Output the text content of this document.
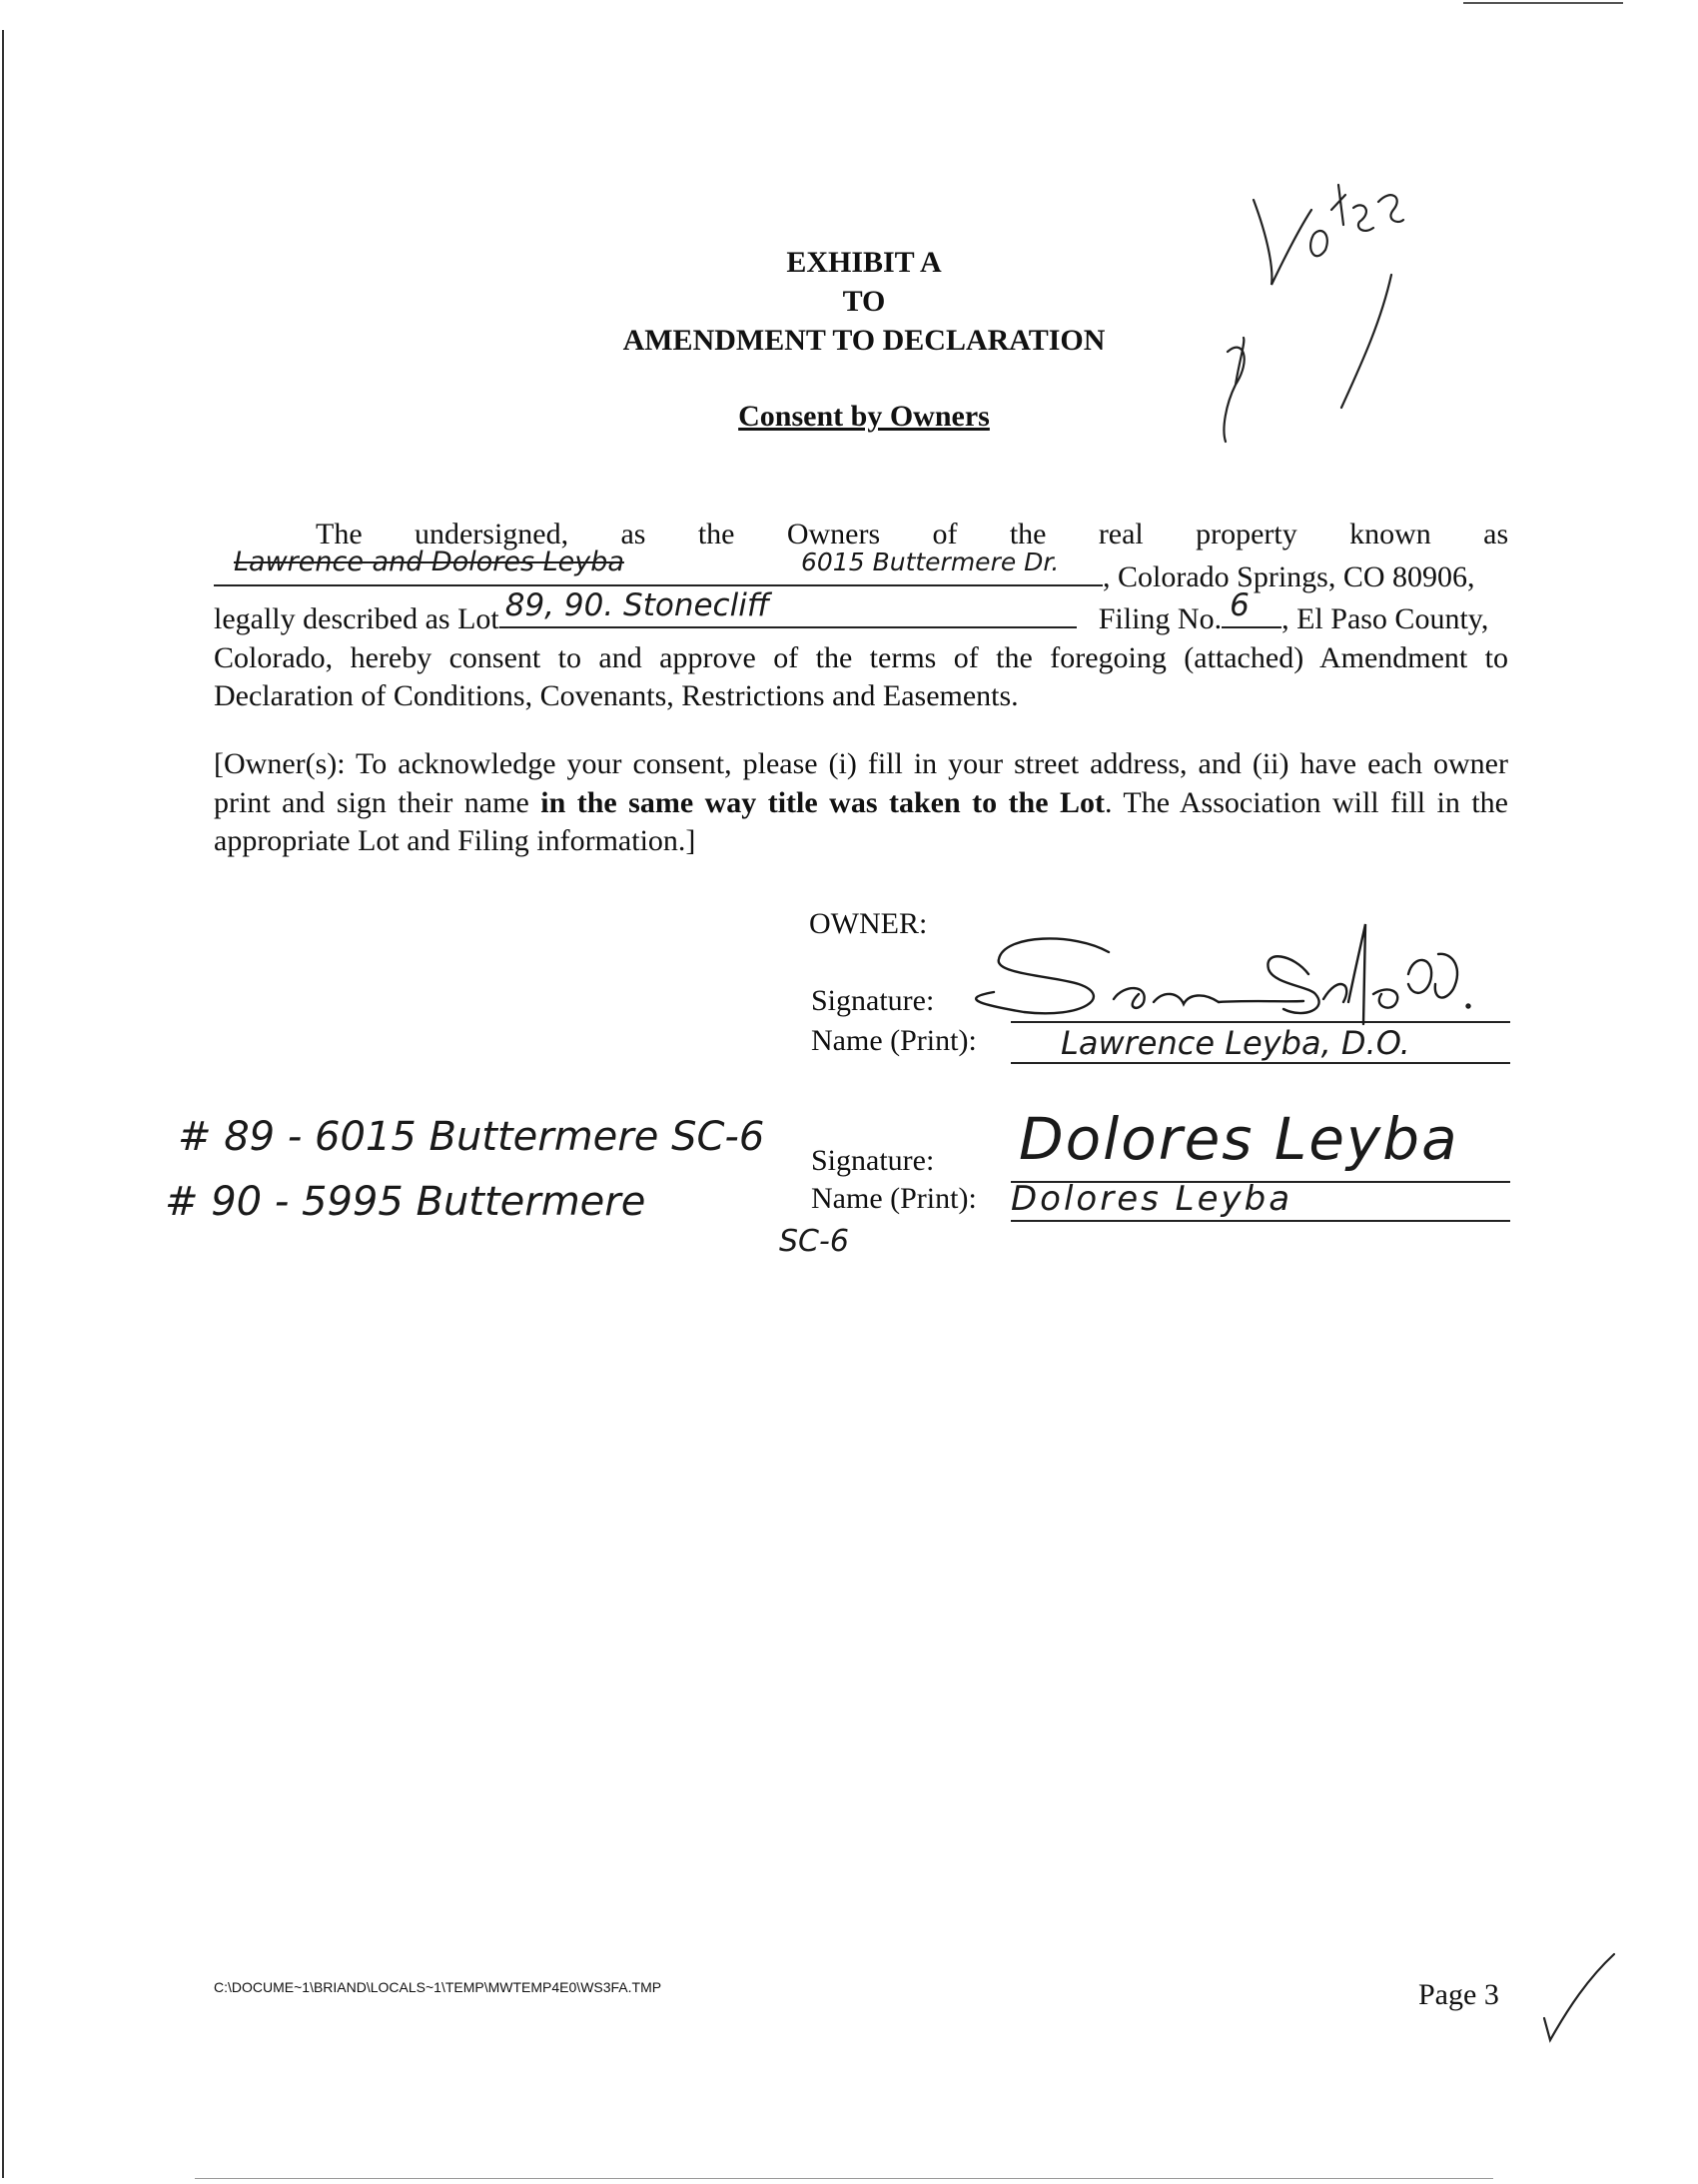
EXHIBIT A
TO
AMENDMENT TO DECLARATION
Consent by Owners
The undersigned, as the Owners of the real property known as
Lawrence and Dolores Leyba	6015 Buttermere Dr. , Colorado Springs, CO 80906,
legally described as Lot 89, 90. Stonecliff	Filing No. 6 , El Paso County,
Colorado, hereby consent to and approve of the terms of the foregoing (attached) Amendment to
Declaration of Conditions, Covenants, Restrictions and Easements.

[Owner(s): To acknowledge your consent, please (i) fill in your street address, and (ii) have each owner print and sign their name in the same way title was taken to the Lot. The Association will fill in the appropriate Lot and Filing information.]

OWNER:
Signature:
Name (Print):	Lawrence Leyba, D.O.
Signature: Dolores Leyba
Name (Print): Dolores Leyba
# 89 - 6015 Buttermere SC-6
# 90 - 5995 Buttermere
SC-6
C:\DOCUME~1\BRIAND\LOCALS~1\TEMP\MWTEMP4E0\WS3FA.TMP	Page 3
